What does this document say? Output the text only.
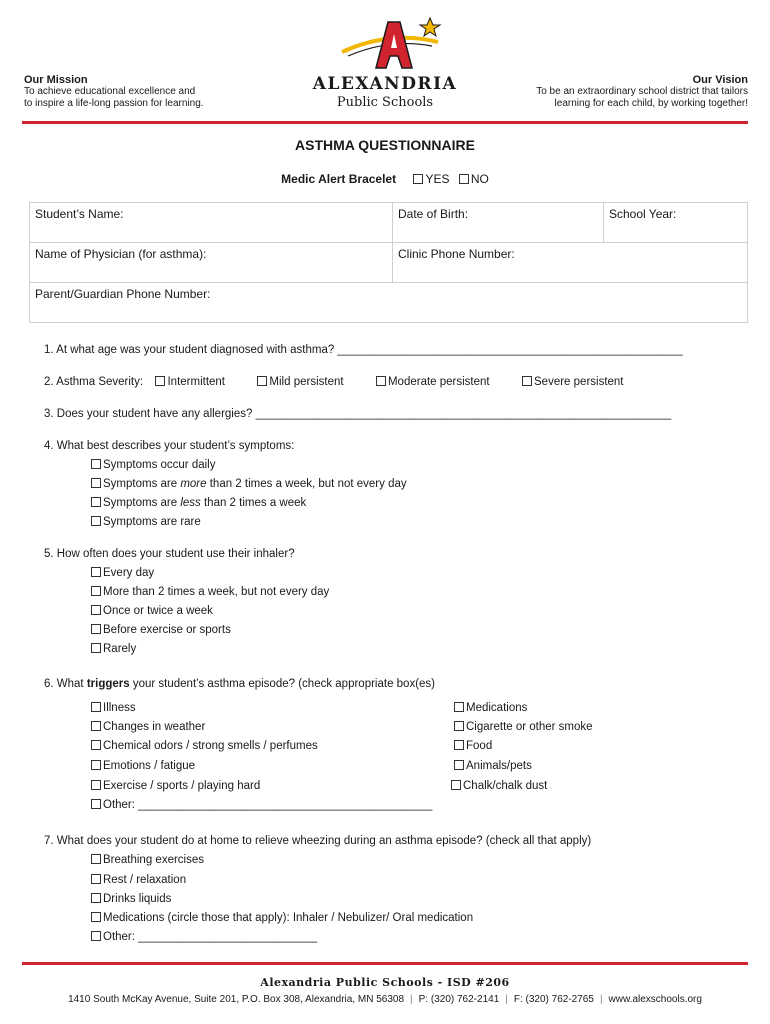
Our Mission
To achieve educational excellence and
to inspire a life-long passion for learning.
ALEXANDRIA
Public Schools
Our Vision
To be an extraordinary school district that tailors
learning for each child, by working together!
ASTHMA QUESTIONNAIRE
Medic Alert Bracelet YES NO
Student’s Name:	Date of Birth:	School Year:
Name of Physician (for asthma):	Clinic Phone Number:	
Parent/Guardian Phone Number:		
1. At what age was your student diagnosed with asthma? ______________________________________________________
2. Asthma Severity: Intermittent	Mild persistent	Moderate persistent	Severe persistent
3. Does your student have any allergies? _________________________________________________________________
4. What best describes your student’s symptoms:
Symptoms occur daily
Symptoms are more than 2 times a week, but not every day
Symptoms are less than 2 times a week
Symptoms are rare
5. How often does your student use their inhaler?
Every day
More than 2 times a week, but not every day
Once or twice a week
Before exercise or sports
Rarely
6. What triggers your student’s asthma episode? (check appropriate box(es)
Illness
Changes in weather
Chemical odors / strong smells / perfumes
Emotions / fatigue
Exercise / sports / playing hard
Other: ______________________________________________
Medications
Cigarette or other smoke
Food
Animals/pets
Chalk/chalk dust
7. What does your student do at home to relieve wheezing during an asthma episode? (check all that apply)
Breathing exercises
Rest / relaxation
Drinks liquids
Medications (circle those that apply): Inhaler / Nebulizer/ Oral medication
Other: ____________________________
Alexandria Public Schools - ISD #206
1410 South McKay Avenue, Suite 201, P.O. Box 308, Alexandria, MN 56308 | P: (320) 762-2141 | F: (320) 762-2765 | www.alexschools.org
